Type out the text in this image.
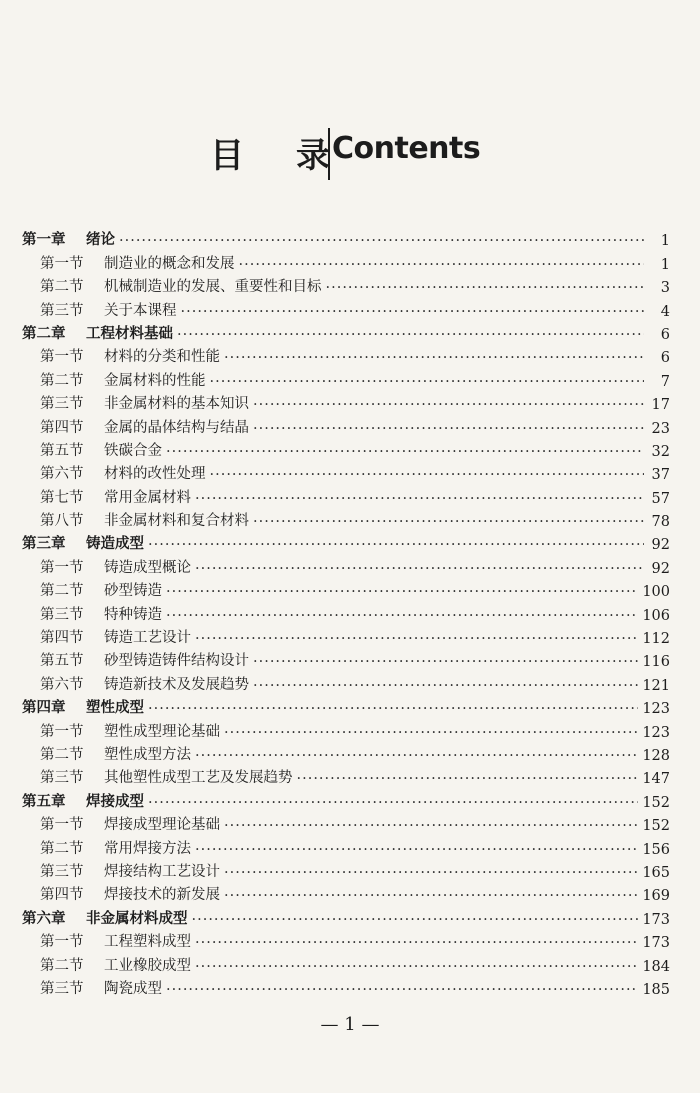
目 录 Contents
第一章	绪论 ·····	1
第一节	制造业的概念和发展 ·····	1
第二节	机械制造业的发展、重要性和目标 ·····	3
第三节	关于本课程 ·····	4
第二章	工程材料基础 ·····	6
第一节	材料的分类和性能 ·····	6
第二节	金属材料的性能 ·····	7
第三节	非金属材料的基本知识 ·····	17
第四节	金属的晶体结构与结晶 ·····	23
第五节	铁碳合金 ·····	32
第六节	材料的改性处理 ·····	37
第七节	常用金属材料 ·····	57
第八节	非金属材料和复合材料 ·····	78
第三章	铸造成型 ·····	92
第一节	铸造成型概论 ·····	92
第二节	砂型铸造 ·····	100
第三节	特种铸造 ·····	106
第四节	铸造工艺设计 ·····	112
第五节	砂型铸造铸件结构设计 ·····	116
第六节	铸造新技术及发展趋势 ·····	121
第四章	塑性成型 ·····	123
第一节	塑性成型理论基础 ·····	123
第二节	塑性成型方法 ·····	128
第三节	其他塑性成型工艺及发展趋势 ·····	147
第五章	焊接成型 ·····	152
第一节	焊接成型理论基础 ·····	152
第二节	常用焊接方法 ·····	156
第三节	焊接结构工艺设计 ·····	165
第四节	焊接技术的新发展 ·····	169
第六章	非金属材料成型 ·····	173
第一节	工程塑料成型 ·····	173
第二节	工业橡胶成型 ·····	184
第三节	陶瓷成型 ·····	185
— 1 —
